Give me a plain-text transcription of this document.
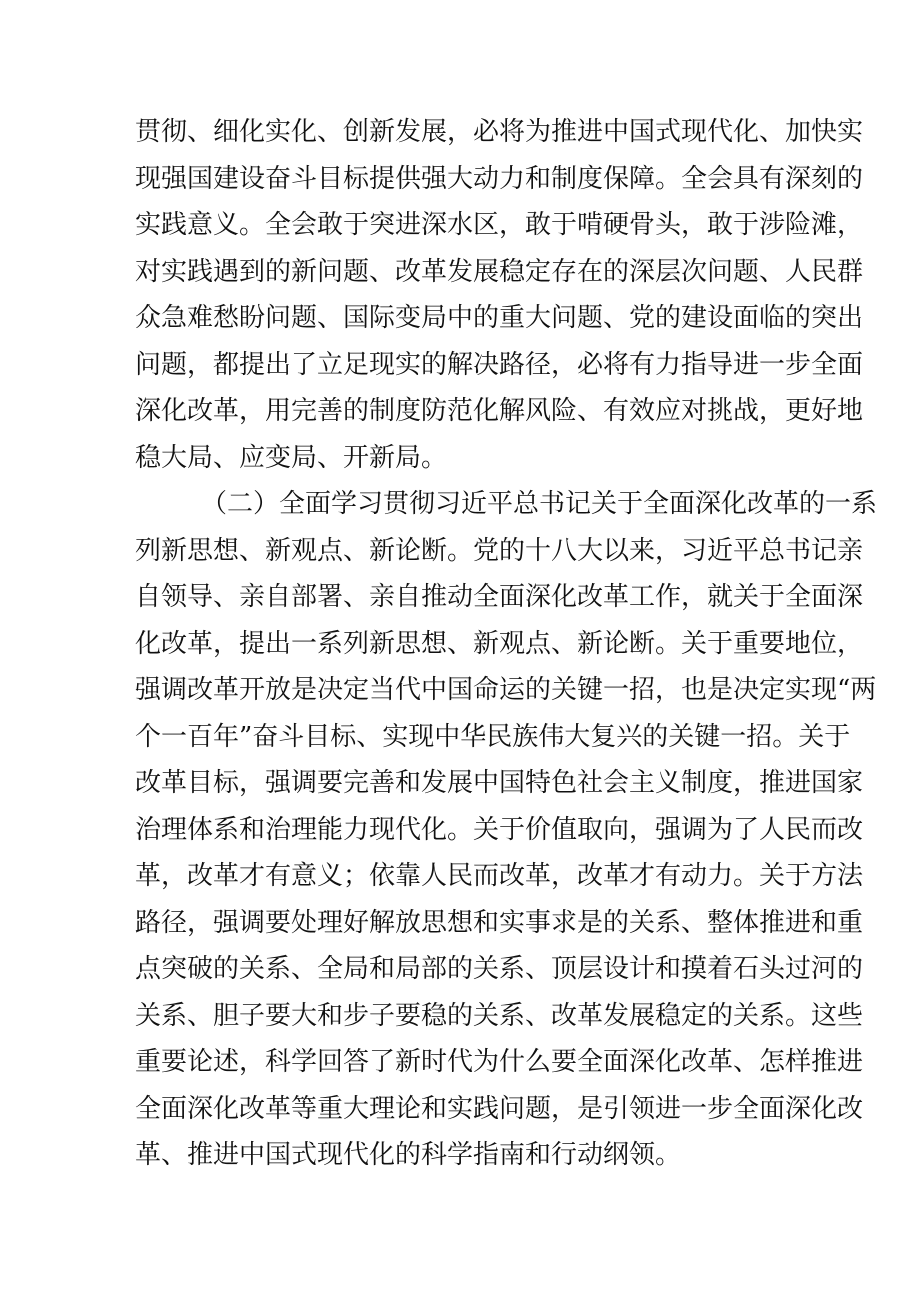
贯彻、细化实化、创新发展，必将为推进中国式现代化、加快实
现强国建设奋斗目标提供强大动力和制度保障。全会具有深刻的
实践意义。全会敢于突进深水区，敢于啃硬骨头，敢于涉险滩，
对实践遇到的新问题、改革发展稳定存在的深层次问题、人民群
众急难愁盼问题、国际变局中的重大问题、党的建设面临的突出
问题，都提出了立足现实的解决路径，必将有力指导进一步全面
深化改革，用完善的制度防范化解风险、有效应对挑战，更好地
稳大局、应变局、开新局。
（二）全面学习贯彻习近平总书记关于全面深化改革的一系
列新思想、新观点、新论断。党的十八大以来，习近平总书记亲
自领导、亲自部署、亲自推动全面深化改革工作，就关于全面深
化改革，提出一系列新思想、新观点、新论断。关于重要地位，
强调改革开放是决定当代中国命运的关键一招，也是决定实现“两
个一百年”奋斗目标、实现中华民族伟大复兴的关键一招。关于
改革目标，强调要完善和发展中国特色社会主义制度，推进国家
治理体系和治理能力现代化。关于价值取向，强调为了人民而改
革，改革才有意义；依靠人民而改革，改革才有动力。关于方法
路径，强调要处理好解放思想和实事求是的关系、整体推进和重
点突破的关系、全局和局部的关系、顶层设计和摸着石头过河的
关系、胆子要大和步子要稳的关系、改革发展稳定的关系。这些
重要论述，科学回答了新时代为什么要全面深化改革、怎样推进
全面深化改革等重大理论和实践问题，是引领进一步全面深化改
革、推进中国式现代化的科学指南和行动纲领。
